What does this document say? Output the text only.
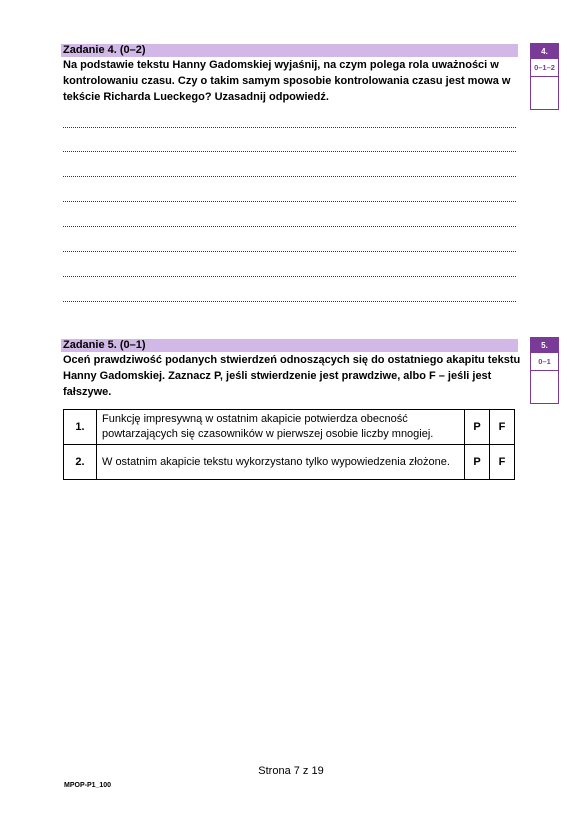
Zadanie 4. (0–2)
Na podstawie tekstu Hanny Gadomskiej wyjaśnij, na czym polega rola uważności w kontrolowaniu czasu. Czy o takim samym sposobie kontrolowania czasu jest mowa w tekście Richarda Lueckego? Uzasadnij odpowiedź.
4.
0–1–2
Zadanie 5. (0–1)
Oceń prawdziwość podanych stwierdzeń odnoszących się do ostatniego akapitu tekstu Hanny Gadomskiej. Zaznacz P, jeśli stwierdzenie jest prawdziwe, albo F – jeśli jest fałszywe.
5.
0–1
1.	Funkcję impresywną w ostatnim akapicie potwierdza obecność powtarzających się czasowników w pierwszej osobie liczby mnogiej.	P	F
2.	W ostatnim akapicie tekstu wykorzystano tylko wypowiedzenia złożone.	P	F
Strona 7 z 19
MPOP-P1_100
